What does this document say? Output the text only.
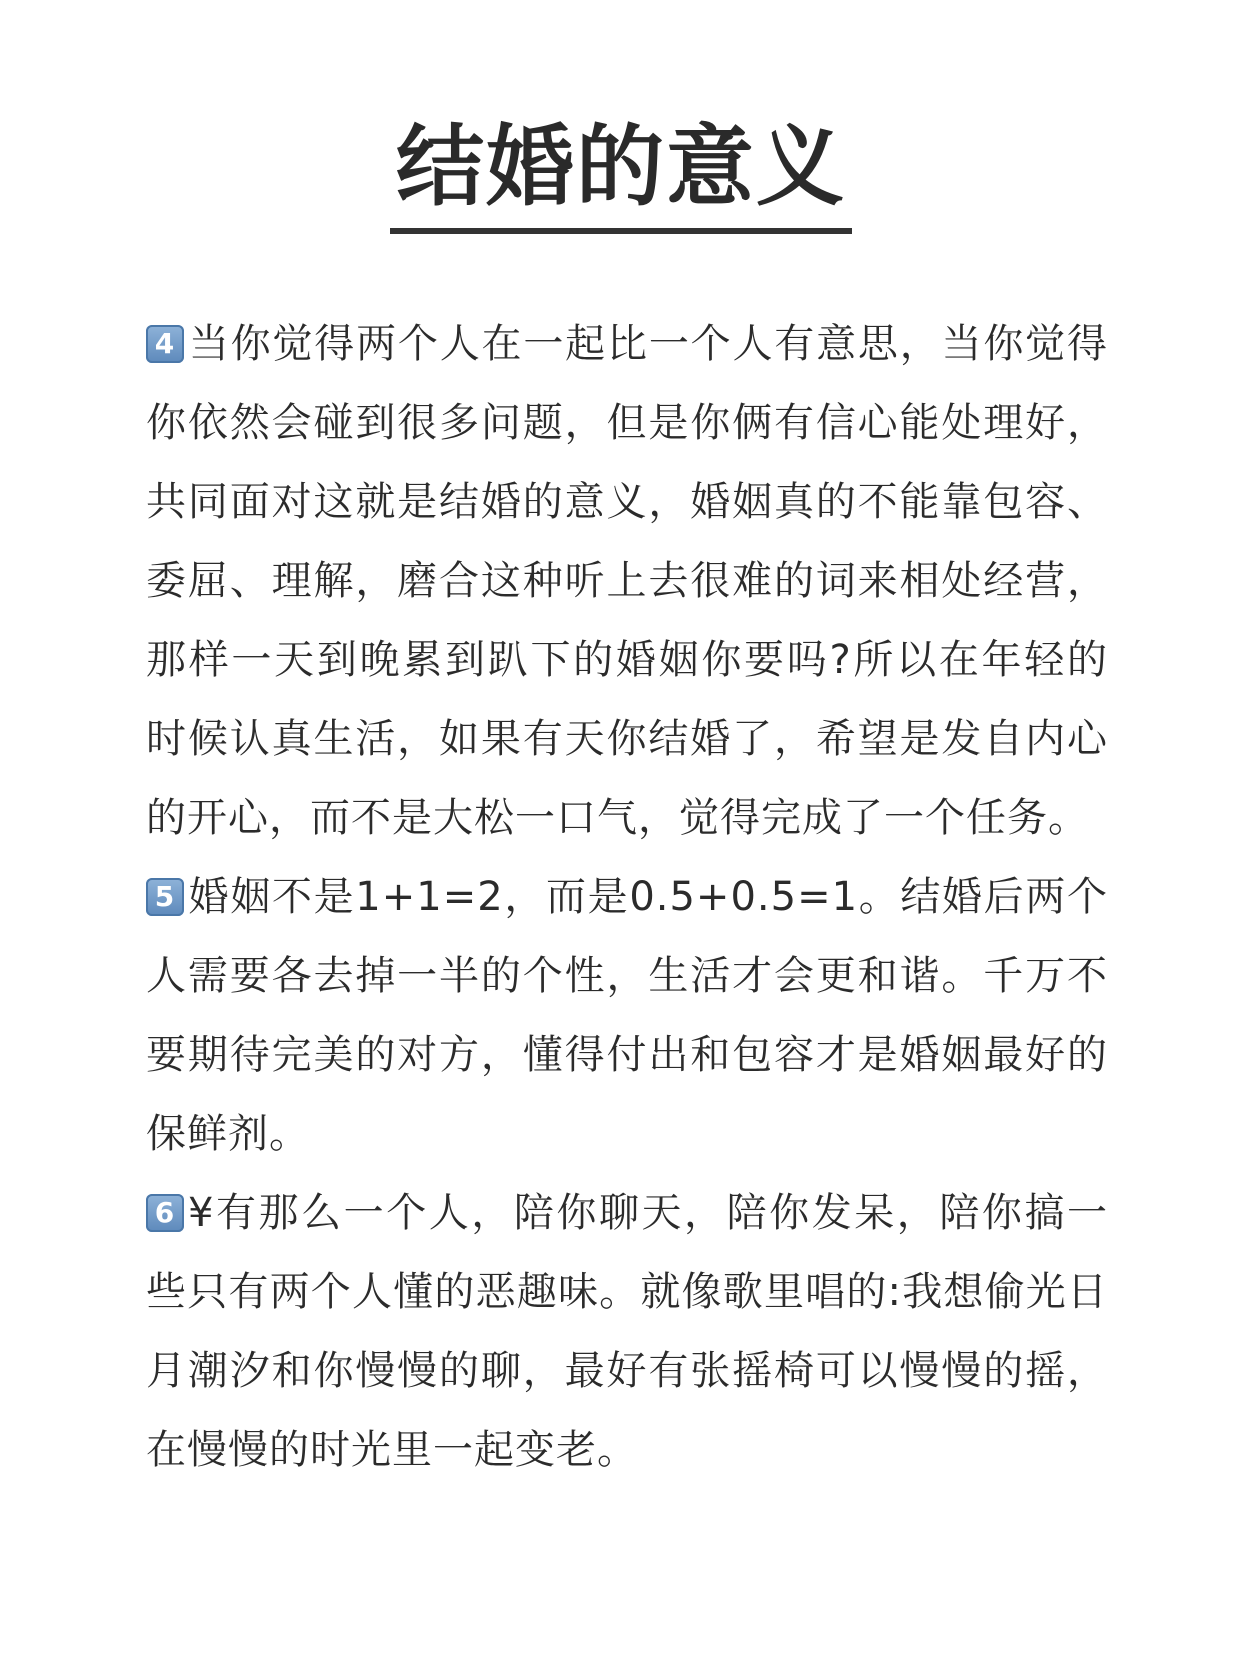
结婚的意义

4 当你觉得两个人在一起比一个人有意思，当你觉得你依然会碰到很多问题，但是你俩有信心能处理好，共同面对这就是结婚的意义，婚姻真的不能靠包容、委屈、理解，磨合这种听上去很难的词来相处经营，那样一天到晚累到趴下的婚姻你要吗?所以在年轻的时候认真生活，如果有天你结婚了，希望是发自内心的开心，而不是大松一口气，觉得完成了一个任务。

5 婚姻不是1+1=2，而是0.5+0.5=1。结婚后两个人需要各去掉一半的个性，生活才会更和谐。千万不要期待完美的对方，懂得付出和包容才是婚姻最好的保鲜剂。

6 ¥有那么一个人，陪你聊天，陪你发呆，陪你搞一些只有两个人懂的恶趣味。就像歌里唱的:我想偷光日月潮汐和你慢慢的聊，最好有张摇椅可以慢慢的摇，在慢慢的时光里一起变老。
